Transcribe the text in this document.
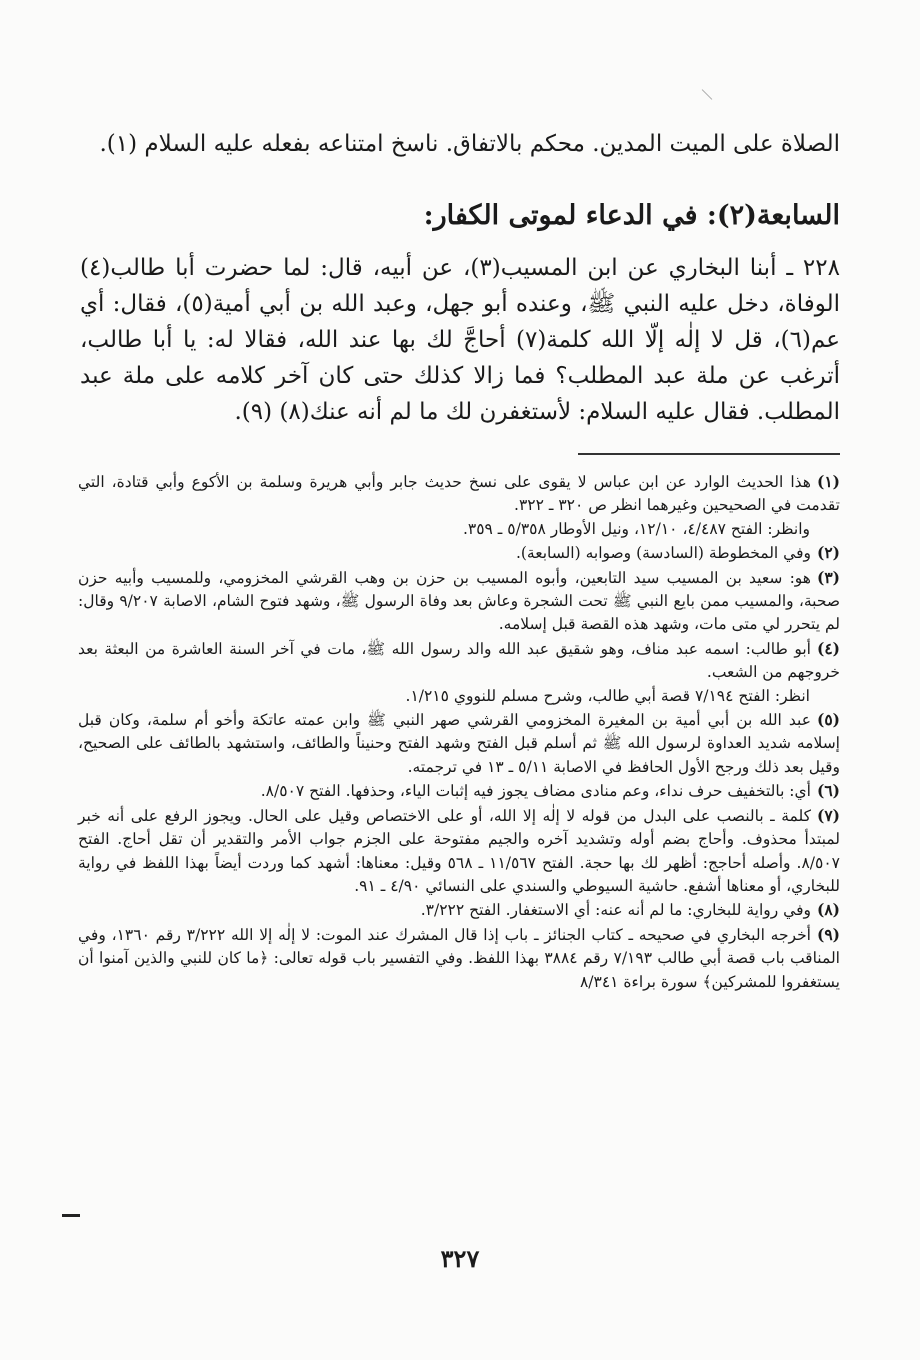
الصلاة على الميت المدين. محكم بالاتفاق. ناسخ امتناعه بفعله عليه السلام (١).
السابعة(٢): في الدعاء لموتى الكفار:

٢٢٨ ـ أبنا البخاري عن ابن المسيب(٣)، عن أبيه، قال: لما حضرت أبا طالب(٤) الوفاة، دخل عليه النبي ﷺ، وعنده أبو جهل، وعبد الله بن أبي أمية(٥)، فقال: أي عم(٦)، قل لا إلٰه إلّا الله كلمة(٧) أحاجَّ لك بها عند الله، فقالا له: يا أبا طالب، أترغب عن ملة عبد المطلب؟ فما زالا كذلك حتى كان آخر كلامه على ملة عبد المطلب. فقال عليه السلام: لأستغفرن لك ما لم أنه عنك(٨) (٩).

(١)هذا الحديث الوارد عن ابن عباس لا يقوى على نسخ حديث جابر وأبي هريرة وسلمة بن الأكوع وأبي قتادة، التي تقدمت في الصحيحين وغيرهما انظر ص ٣٢٠ ـ ٣٢٢.
وانظر: الفتح ٤/٤٨٧، ١٢/١٠، ونيل الأوطار ٥/٣٥٨ ـ ٣٥٩.

(٢)وفي المخطوطة (السادسة) وصوابه (السابعة).

(٣)هو: سعيد بن المسيب سيد التابعين، وأبوه المسيب بن حزن بن وهب القرشي المخزومي، وللمسيب وأبيه حزن صحبة، والمسيب ممن بايع النبي ﷺ تحت الشجرة وعاش بعد وفاة الرسول ﷺ، وشهد فتوح الشام، الاصابة ٩/٢٠٧ وقال: لم يتحرر لي متى مات، وشهد هذه القصة قبل إسلامه.

(٤)أبو طالب: اسمه عبد مناف، وهو شقيق عبد الله والد رسول الله ﷺ، مات في آخر السنة العاشرة من البعثة بعد خروجهم من الشعب.
انظر: الفتح ٧/١٩٤ قصة أبي طالب، وشرح مسلم للنووي ١/٢١٥.

(٥)عبد الله بن أبي أمية بن المغيرة المخزومي القرشي صهر النبي ﷺ وابن عمته عاتكة وأخو أم سلمة، وكان قبل إسلامه شديد العداوة لرسول الله ﷺ ثم أسلم قبل الفتح وشهد الفتح وحنيناً والطائف، واستشهد بالطائف على الصحيح، وقيل بعد ذلك ورجح الأول الحافظ في الاصابة ٥/١١ ـ ١٣ في ترجمته.

(٦)أي: بالتخفيف حرف نداء، وعم منادى مضاف يجوز فيه إثبات الياء، وحذفها. الفتح ٨/٥٠٧.

(٧)كلمة ـ بالنصب على البدل من قوله لا إلٰه إلا الله، أو على الاختصاص وقيل على الحال. ويجوز الرفع على أنه خبر لمبتدأ محذوف. وأحاج بضم أوله وتشديد آخره والجيم مفتوحة على الجزم جواب الأمر والتقدير أن تقل أحاج. الفتح ٨/٥٠٧. وأصله أحاجج: أظهر لك بها حجة. الفتح ١١/٥٦٧ ـ ٥٦٨ وقيل: معناها: أشهد كما وردت أيضاً بهذا اللفظ في رواية للبخاري، أو معناها أشفع. حاشية السيوطي والسندي على النسائي ٤/٩٠ ـ ٩١.

(٨)وفي رواية للبخاري: ما لم أنه عنه: أي الاستغفار. الفتح ٣/٢٢٢.

(٩)أخرجه البخاري في صحيحه ـ كتاب الجنائز ـ باب إذا قال المشرك عند الموت: لا إلٰه إلا الله ٣/٢٢٢ رقم ١٣٦٠، وفي المناقب باب قصة أبي طالب ٧/١٩٣ رقم ٣٨٨٤ بهذا اللفظ. وفي التفسير باب قوله تعالى: ﴿ما كان للنبي والذين آمنوا أن يستغفروا للمشركين﴾ سورة براءة ٨/٣٤١

٣٢٧
